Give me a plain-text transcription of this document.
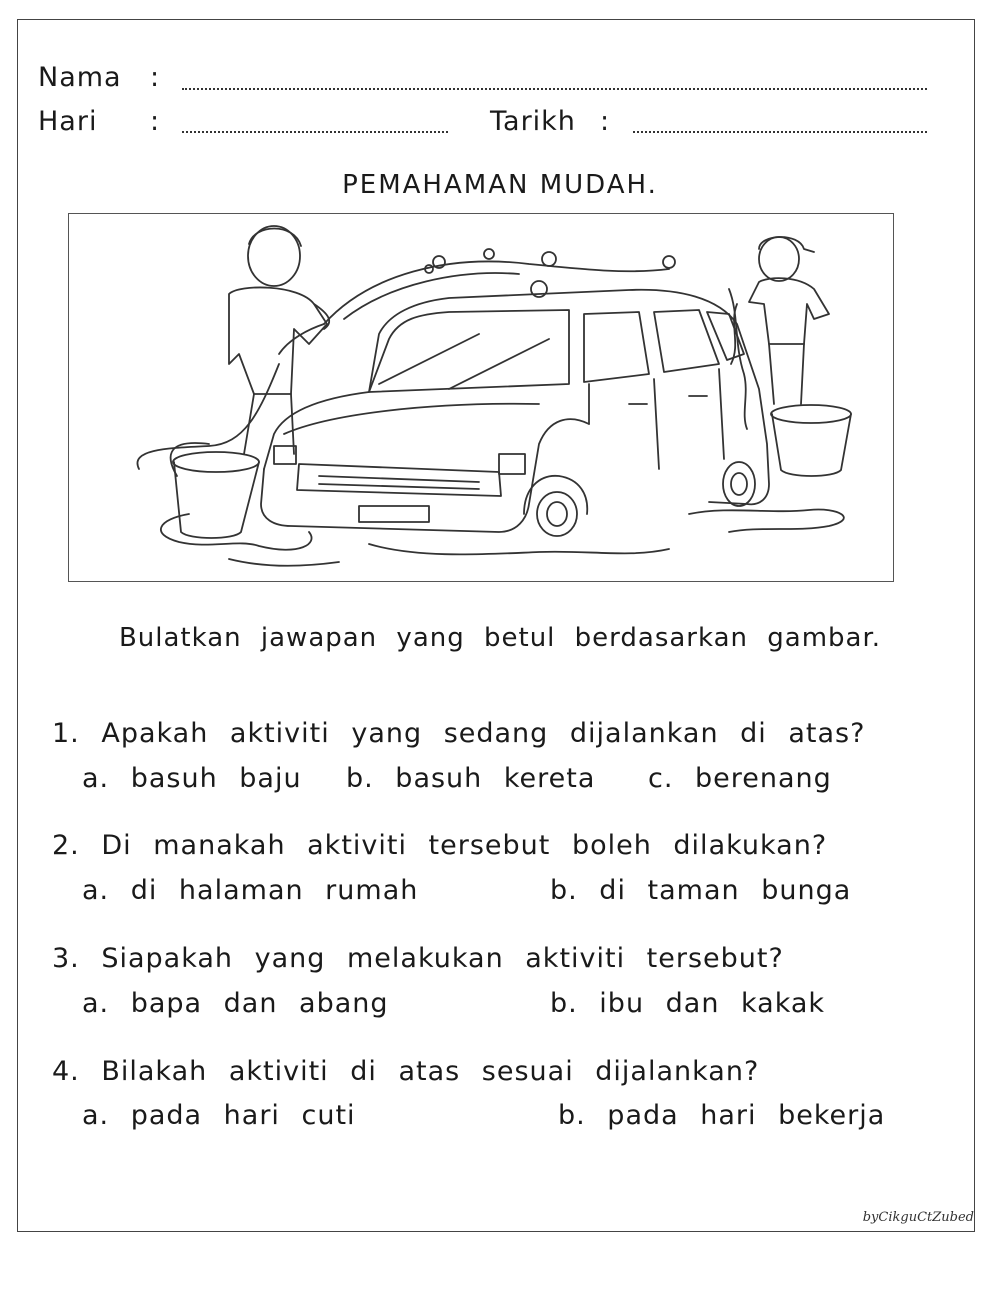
Nama :
Hari :	Tarikh :
PEMAHAMAN MUDAH.
Bulatkan jawapan yang betul berdasarkan gambar.
1. Apakah aktiviti yang sedang dijalankan di atas?
a. basuh baju b. basuh kereta c. berenang
2. Di manakah aktiviti tersebut boleh dilakukan?
a. di halaman rumah	b. di taman bunga
3. Siapakah yang melakukan aktiviti tersebut?
a. bapa dan abang	b. ibu dan kakak
4. Bilakah aktiviti di atas sesuai dijalankan?
a. pada hari cuti	b. pada hari bekerja
byCikguCtZubed
